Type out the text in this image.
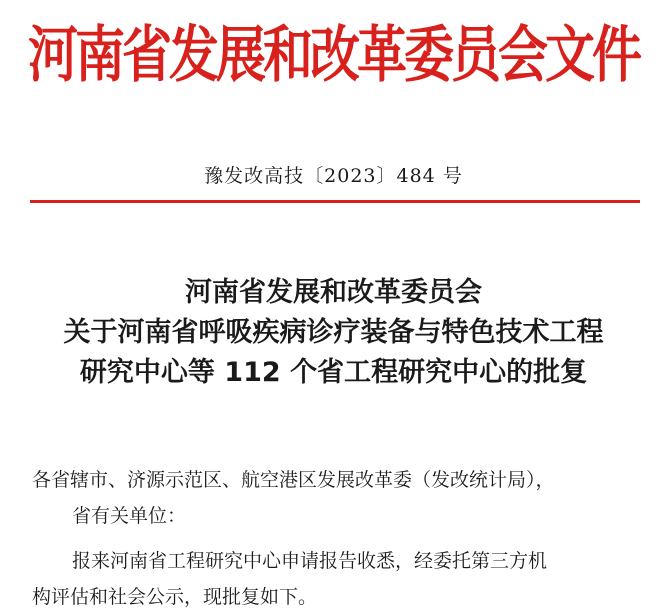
河南省发展和改革委员会文件
豫发改高技〔2023〕484 号
河南省发展和改革委员会
关于河南省呼吸疾病诊疗装备与特色技术工程
研究中心等 112 个省工程研究中心的批复
各省辖市、济源示范区、航空港区发展改革委（发改统计局），
省有关单位：
报来河南省工程研究中心申请报告收悉，经委托第三方机
构评估和社会公示，现批复如下。
